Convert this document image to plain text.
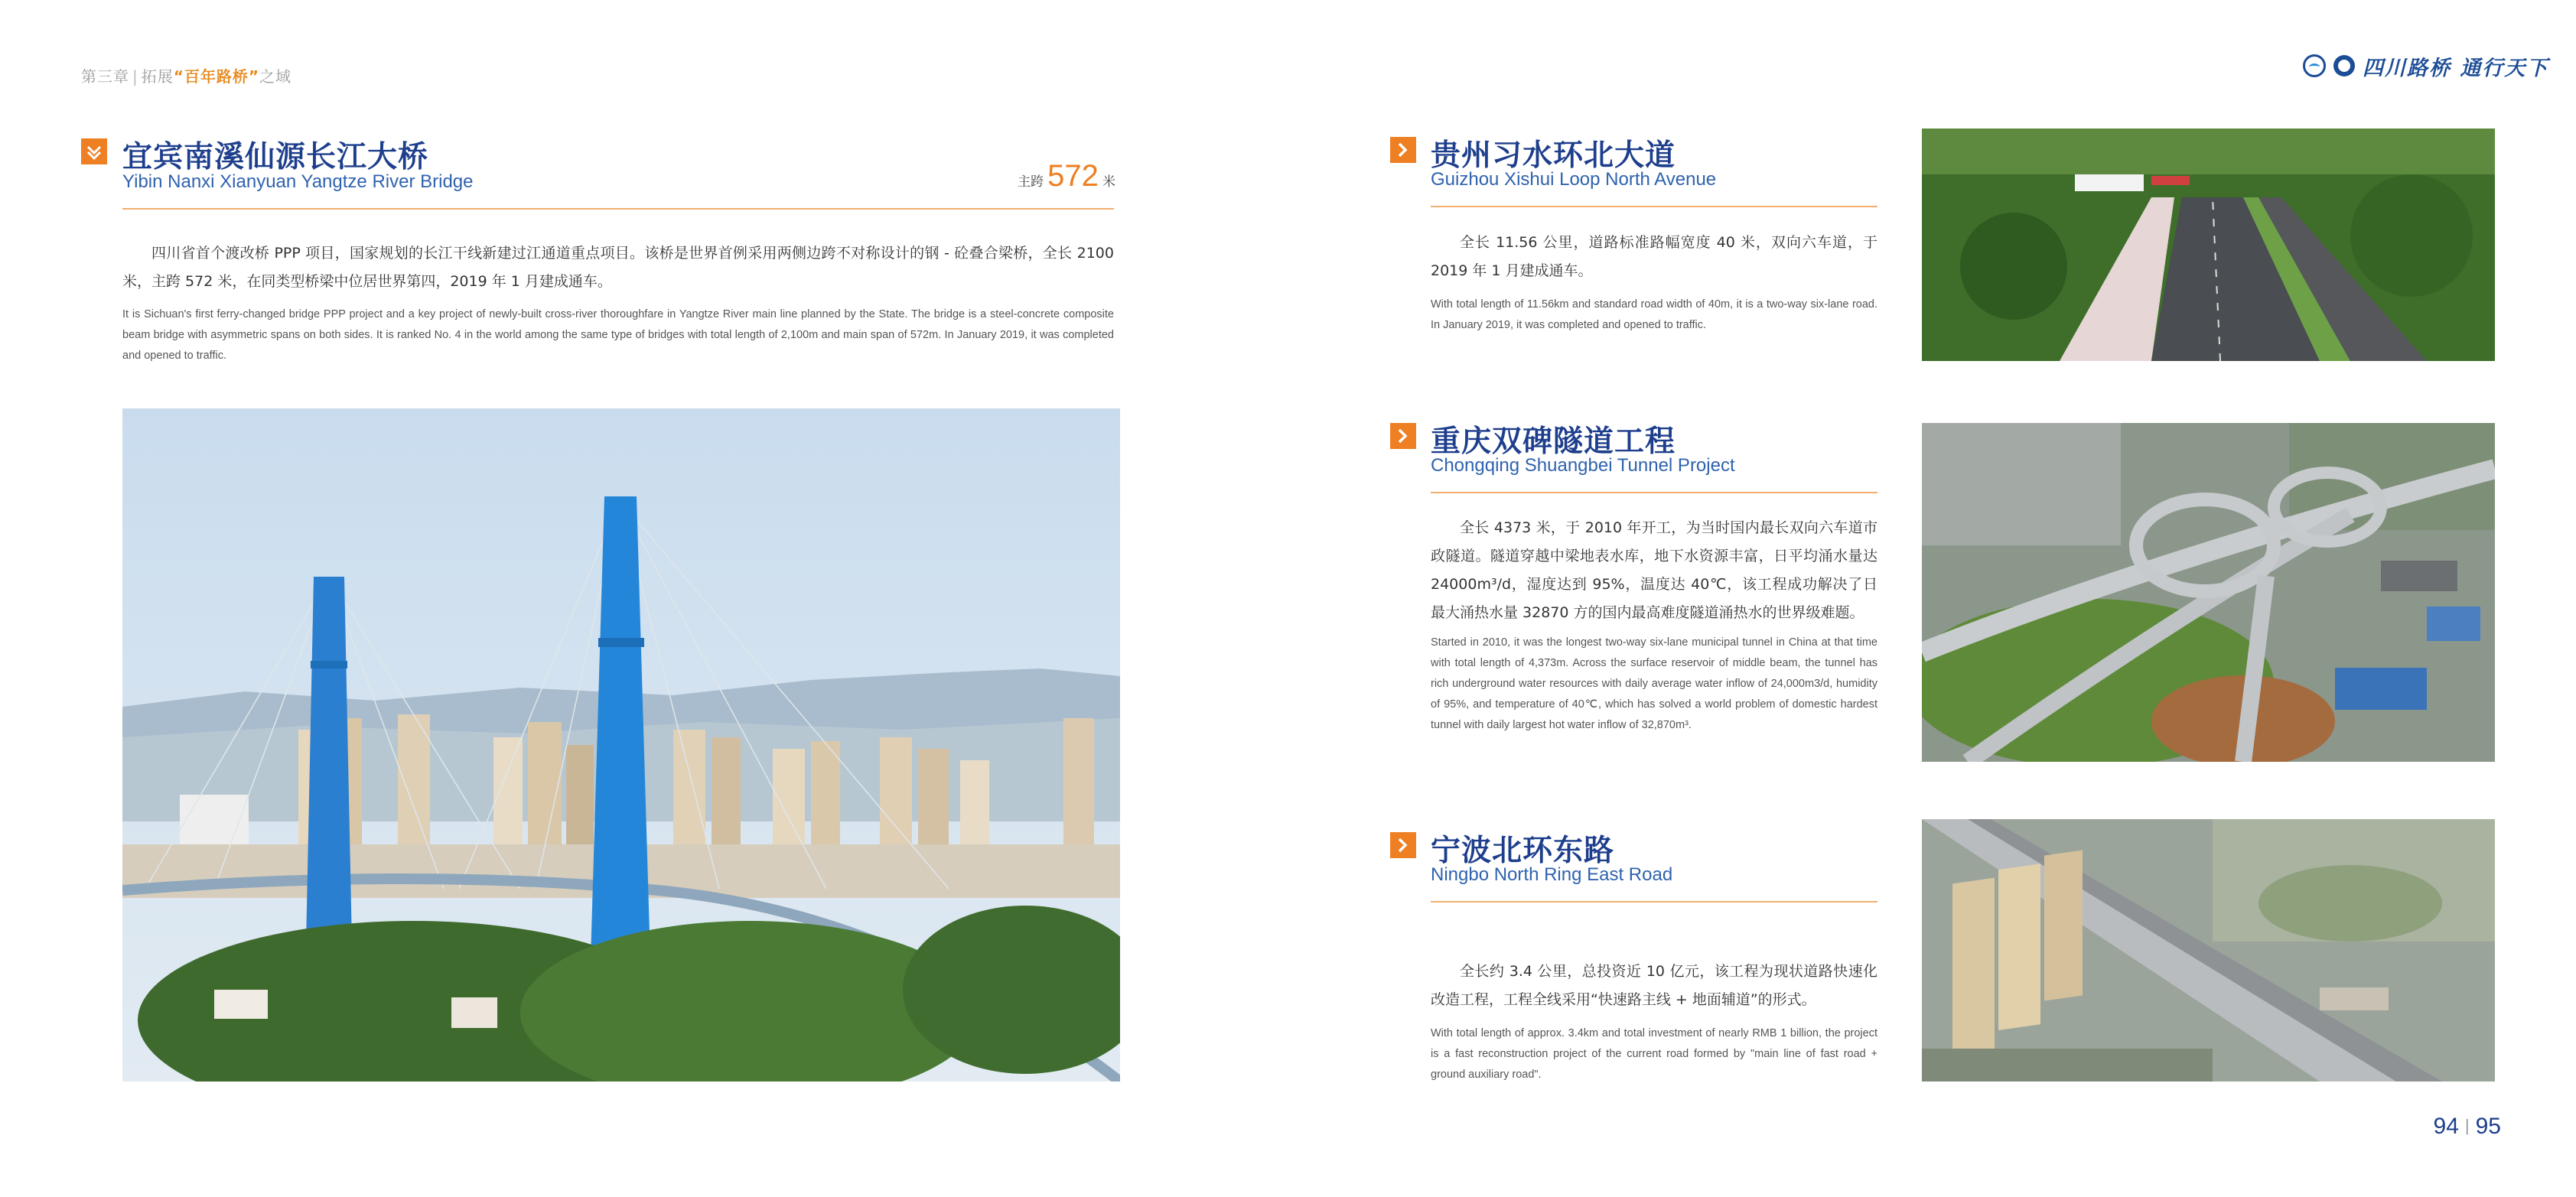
第三章 | 拓展“百年路桥”之域	四川路桥 通行天下
宜宾南溪仙源长江大桥
Yibin Nanxi Xianyuan Yangtze River Bridge	主跨 572 米
四川省首个渡改桥 PPP 项目，国家规划的长江干线新建过江通道重点项目。该桥是世界首例采用两侧边跨不对称设计的钢 - 砼叠合梁桥，全长 2100 米，主跨 572 米，在同类型桥梁中位居世界第四，2019 年 1 月建成通车。
It is Sichuan's first ferry-changed bridge PPP project and a key project of newly-built cross-river thoroughfare in Yangtze River main line planned by the State. The bridge is a steel-concrete composite beam bridge with asymmetric spans on both sides. It is ranked No. 4 in the world among the same type of bridges with total length of 2,100m and main span of 572m. In January 2019, it was completed and opened to traffic.
贵州习水环北大道
Guizhou Xishui Loop North Avenue
全长 11.56 公里，道路标准路幅宽度 40 米，双向六车道，于 2019 年 1 月建成通车。
With total length of 11.56km and standard road width of 40m, it is a two-way six-lane road. In January 2019, it was completed and opened to traffic.
重庆双碑隧道工程
Chongqing Shuangbei Tunnel Project
全长 4373 米，于 2010 年开工，为当时国内最长双向六车道市政隧道。隧道穿越中梁地表水库，地下水资源丰富，日平均涌水量达 24000m³/d，湿度达到 95%，温度达 40℃，该工程成功解决了日最大涌热水量 32870 方的国内最高难度隧道涌热水的世界级难题。
Started in 2010, it was the longest two-way six-lane municipal tunnel in China at that time with total length of 4,373m. Across the surface reservoir of middle beam, the tunnel has rich underground water resources with daily average water inflow of 24,000m3/d, humidity of 95%, and temperature of 40℃, which has solved a world problem of domestic hardest tunnel with daily largest hot water inflow of 32,870m³.
宁波北环东路
Ningbo North Ring East Road
全长约 3.4 公里，总投资近 10 亿元，该工程为现状道路快速化改造工程，工程全线采用“快速路主线 + 地面辅道”的形式。
With total length of approx. 3.4km and total investment of nearly RMB 1 billion, the project is a fast reconstruction project of the current road formed by "main line of fast road + ground auxiliary road".
94 | 95
